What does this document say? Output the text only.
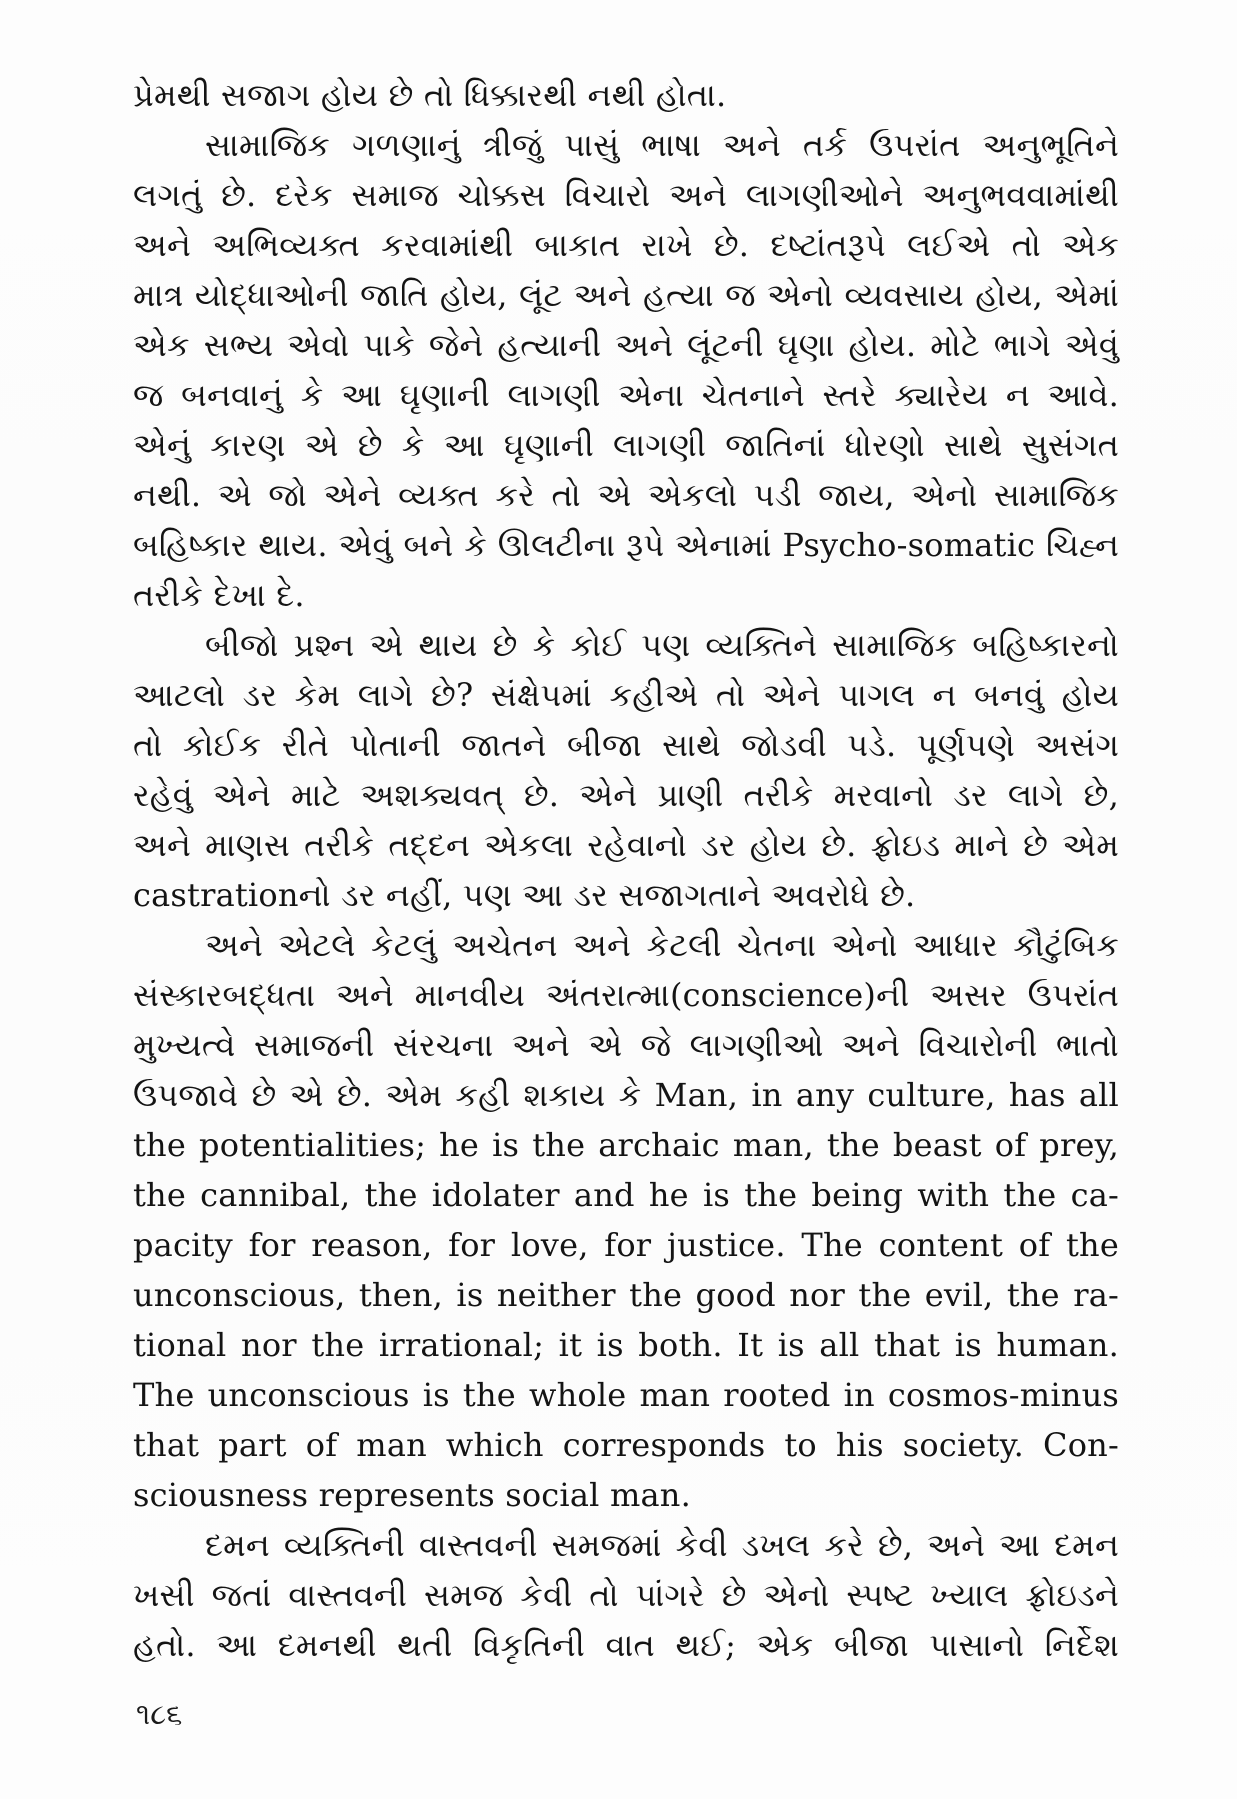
પ્રેમથી સજાગ હોય છે તો ધિક્કારથી નથી હોતા.

સામાજિક ગળણાનું ત્રીજું પાસું ભાષા અને તર્ક ઉપરાંત અનુભૂતિને

લગતું છે. દરેક સમાજ ચોક્કસ વિચારો અને લાગણીઓને અનુભવવામાંથી

અને અભિવ્યક્ત કરવામાંથી બાકાત રાખે છે. દષ્ટાંતરૂપે લઈએ તો એક

માત્ર યોદ્ધાઓની જાતિ હોય, લૂંટ અને હત્યા જ એનો વ્યવસાય હોય, એમાં

એક સભ્ય એવો પાકે જેને હત્યાની અને લૂંટની ઘૃણા હોય. મોટે ભાગે એવું

જ બનવાનું કે આ ઘૃણાની લાગણી એના ચેતનાને સ્તરે ક્યારેય ન આવે.

એનું કારણ એ છે કે આ ઘૃણાની લાગણી જાતિનાં ધોરણો સાથે સુસંગત

નથી. એ જો એને વ્યક્ત કરે તો એ એકલો પડી જાય, એનો સામાજિક

બહિષ્કાર થાય. એવું બને કે ઊલટીના રૂપે એનામાં Psycho-somatic ચિહ્ન

તરીકે દેખા દે.

બીજો પ્રશ્ન એ થાય છે કે કોઈ પણ વ્યક્તિને સામાજિક બહિષ્કારનો

આટલો ડર કેમ લાગે છે? સંક્ષેપમાં કહીએ તો એને પાગલ ન બનવું હોય

તો કોઈક રીતે પોતાની જાતને બીજા સાથે જોડવી પડે. પૂર્ણપણે અસંગ

રહેવું એને માટે અશક્યવત્ છે. એને પ્રાણી તરીકે મરવાનો ડર લાગે છે,

અને માણસ તરીકે તદ્દન એકલા રહેવાનો ડર હોય છે. ફ્રોઇડ માને છે એમ

castrationનો ડર નહીં, પણ આ ડર સજાગતાને અવરોધે છે.

અને એટલે કેટલું અચેતન અને કેટલી ચેતના એનો આધાર કૌટુંબિક

સંસ્કારબદ્ધતા અને માનવીય અંતરાત્મા(conscience)ની અસર ઉપરાંત

મુખ્યત્વે સમાજની સંરચના અને એ જે લાગણીઓ અને વિચારોની ભાતો

ઉપજાવે છે એ છે. એમ કહી શકાય કે Man, in any culture, has all

the potentialities; he is the archaic man, the beast of prey,

the cannibal, the idolater and he is the being with the ca-

pacity for reason, for love, for justice. The content of the

unconscious, then, is neither the good nor the evil, the ra-

tional nor the irrational; it is both. It is all that is human.

The unconscious is the whole man rooted in cosmos-minus

that part of man which corresponds to his society. Con-

sciousness represents social man.

દમન વ્યક્તિની વાસ્તવની સમજમાં કેવી ડખલ કરે છે, અને આ દમન

ખસી જતાં વાસ્તવની સમજ કેવી તો પાંગરે છે એનો સ્પષ્ટ ખ્યાલ ફ્રોઇડને

હતો. આ દમનથી થતી વિકૃતિની વાત થઈ; એક બીજા પાસાનો નિર્દેશ

૧૮૬
